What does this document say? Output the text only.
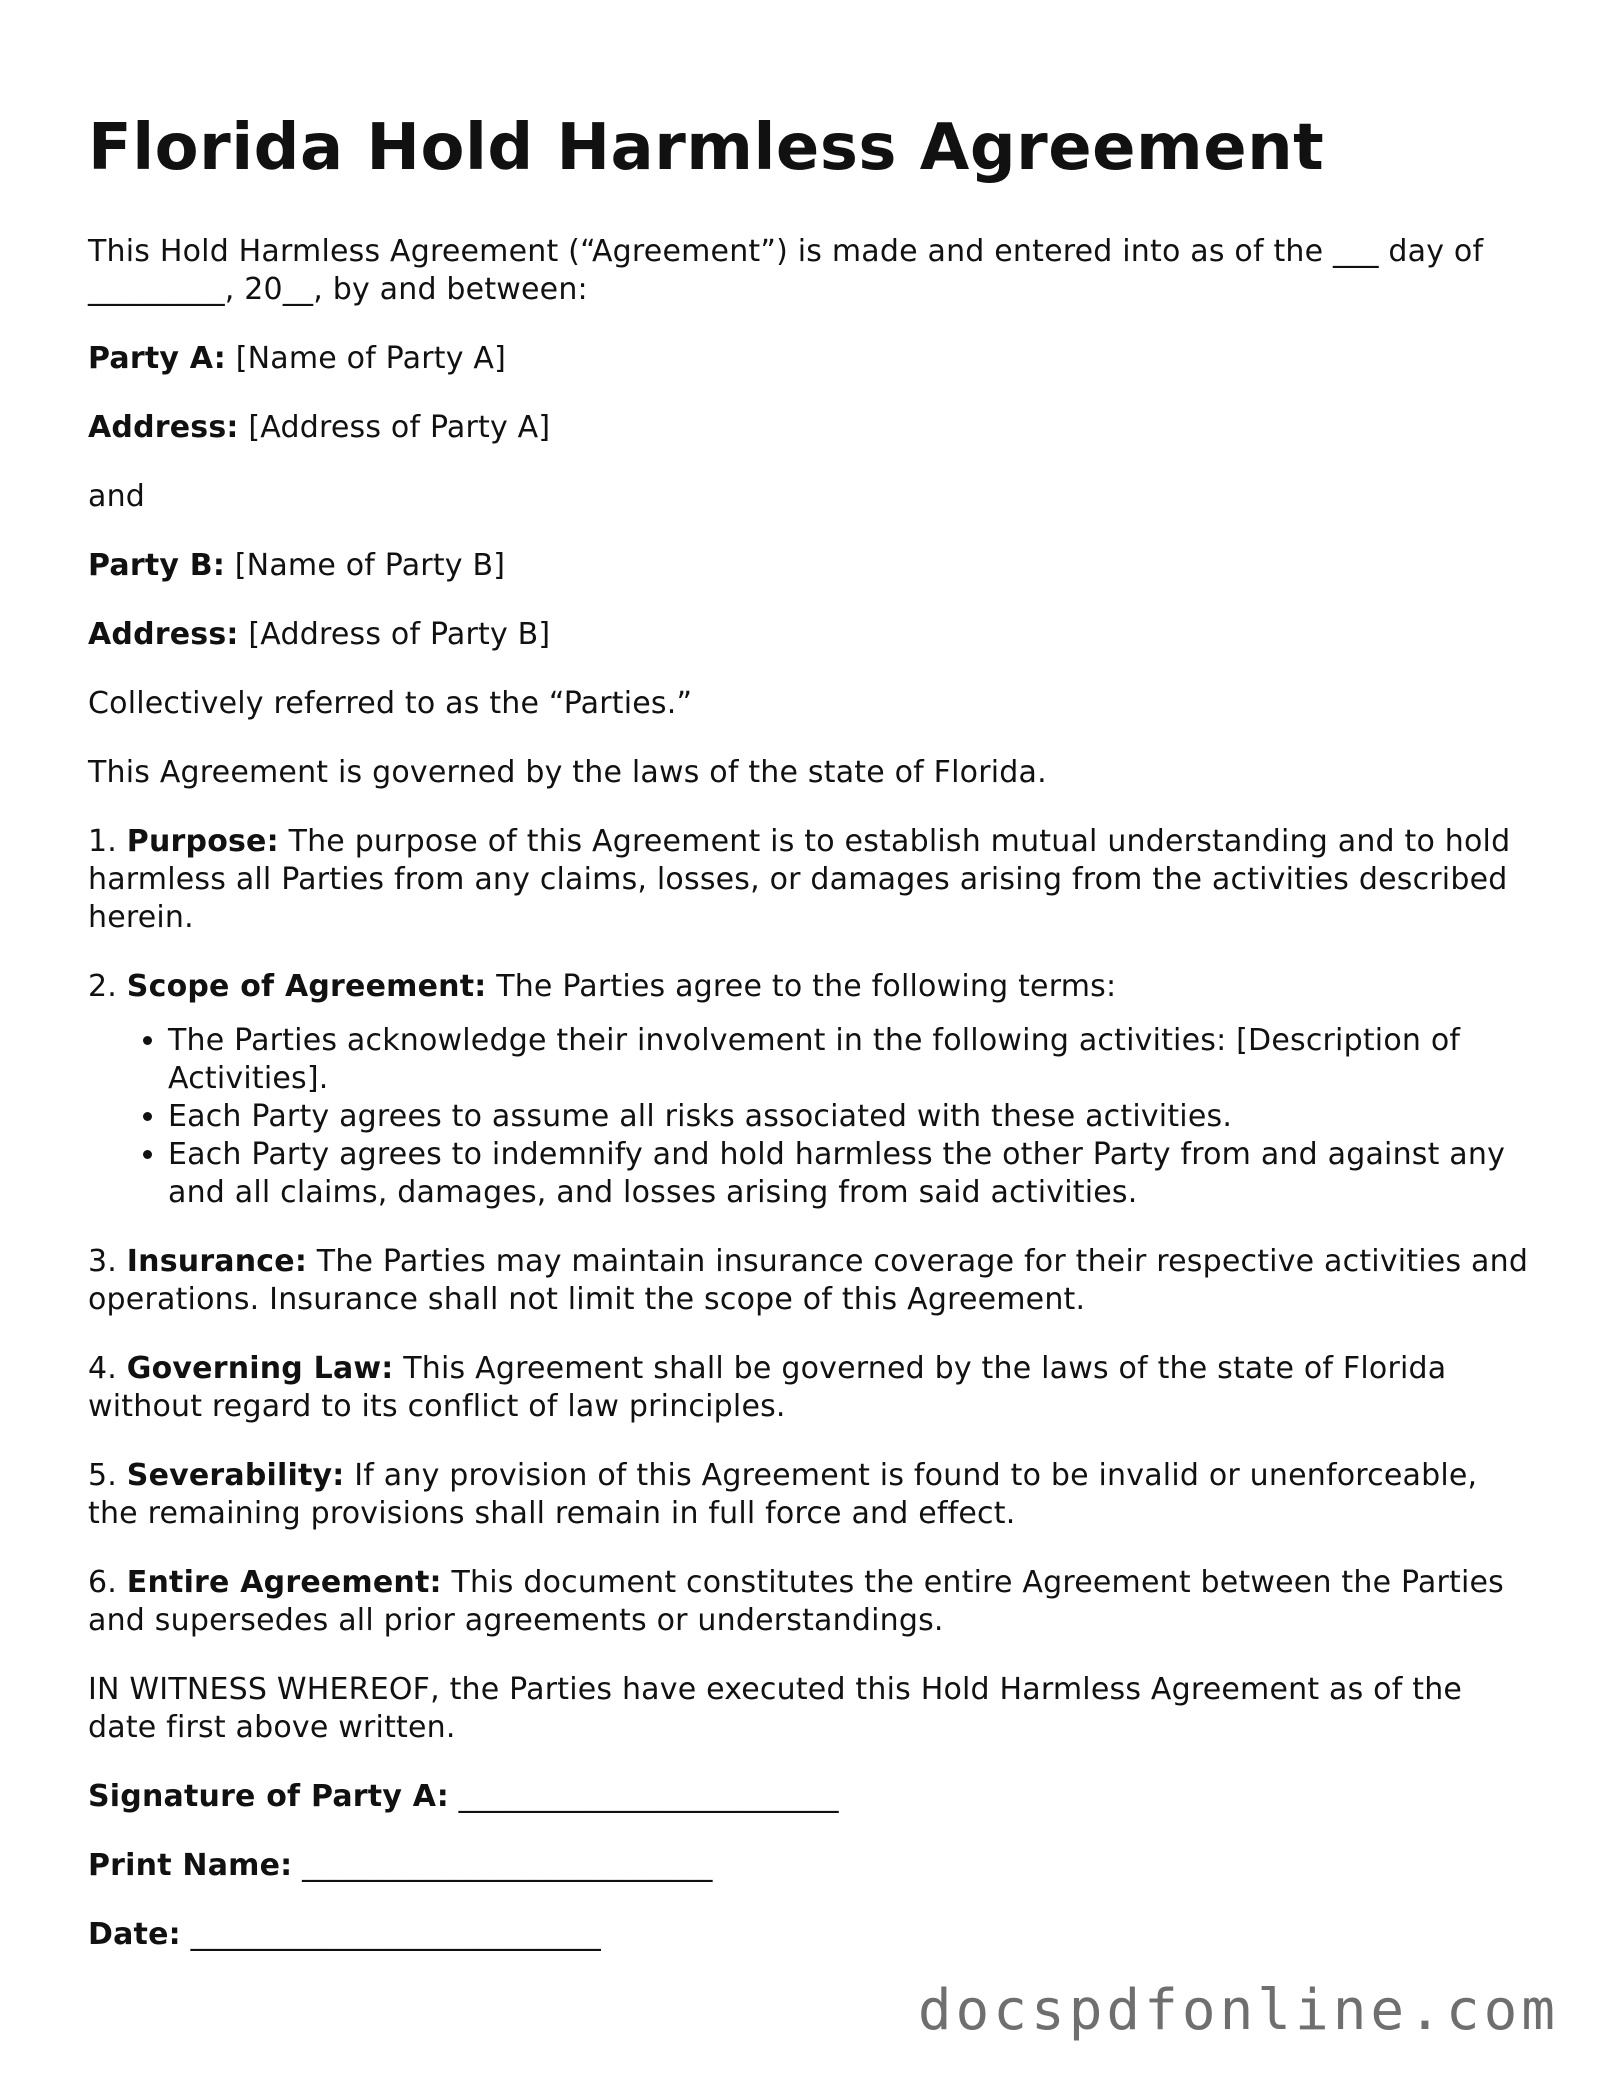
Florida Hold Harmless Agreement

This Hold Harmless Agreement (“Agreement”) is made and entered into as of the ___ day of _________, 20__, by and between:

Party A: [Name of Party A]

Address: [Address of Party A]

and

Party B: [Name of Party B]

Address: [Address of Party B]

Collectively referred to as the “Parties.”

This Agreement is governed by the laws of the state of Florida.

1. Purpose: The purpose of this Agreement is to establish mutual understanding and to hold harmless all Parties from any claims, losses, or damages arising from the activities described herein.

2. Scope of Agreement: The Parties agree to the following terms:

• The Parties acknowledge their involvement in the following activities: [Description of Activities].
• Each Party agrees to assume all risks associated with these activities.
• Each Party agrees to indemnify and hold harmless the other Party from and against any and all claims, damages, and losses arising from said activities.

3. Insurance: The Parties may maintain insurance coverage for their respective activities and operations. Insurance shall not limit the scope of this Agreement.

4. Governing Law: This Agreement shall be governed by the laws of the state of Florida without regard to its conflict of law principles.

5. Severability: If any provision of this Agreement is found to be invalid or unenforceable, the remaining provisions shall remain in full force and effect.

6. Entire Agreement: This document constitutes the entire Agreement between the Parties and supersedes all prior agreements or understandings.

IN WITNESS WHEREOF, the Parties have executed this Hold Harmless Agreement as of the date first above written.

Signature of Party A: _________________________

Print Name: ___________________________

Date: ___________________________

docspdfonline.com
